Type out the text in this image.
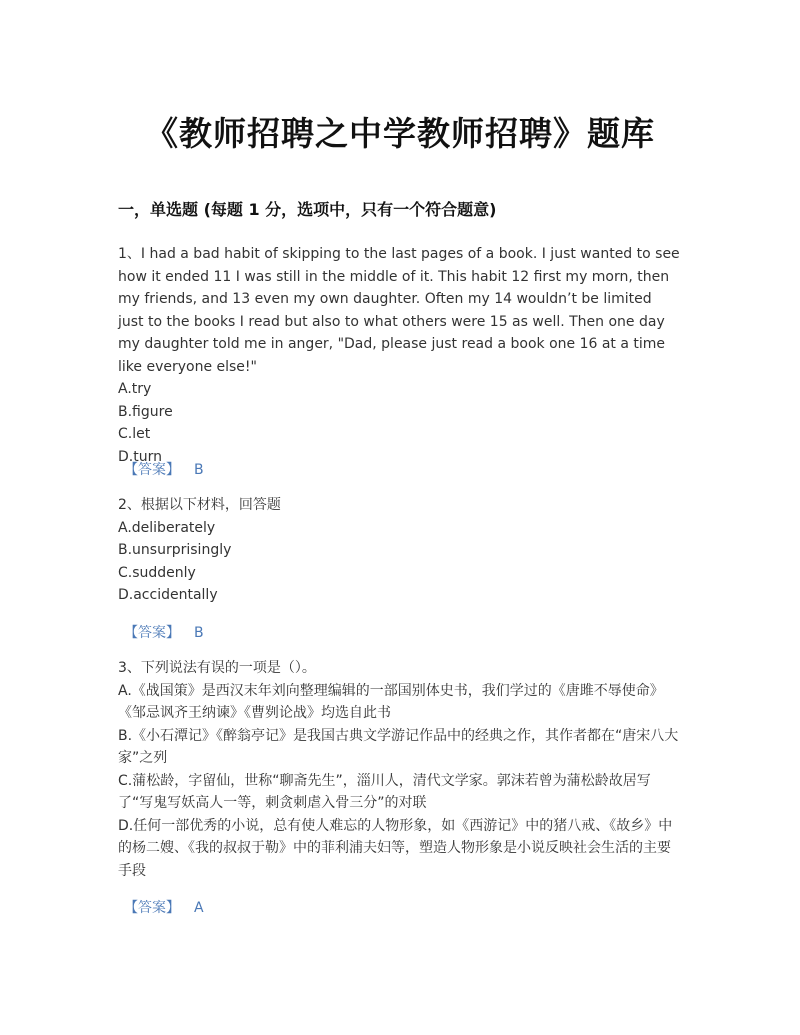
《教师招聘之中学教师招聘》题库
一，单选题 (每题 1 分，选项中，只有一个符合题意)

1、I had a bad habit of skipping to the last pages of a book. I just wanted to see how it ended 11 I was still in the middle of it. This habit 12 first my morn, then my friends, and 13 even my own daughter. Often my 14 wouldn’t be limited just to the books I read but also to what others were 15 as well. Then one day my daughter told me in anger, "Dad, please just read a book one 16 at a time like everyone else!"

A.try

B.figure

C.let

D.turn

【答案】 B

2、根据以下材料，回答题

A.deliberately

B.unsurprisingly

C.suddenly

D.accidentally

【答案】 B

3、下列说法有误的一项是（）。

A.《战国策》是西汉末年刘向整理编辑的一部国别体史书，我们学过的《唐雎不辱使命》《邹忌讽齐王纳谏》《曹刿论战》均选自此书

B.《小石潭记》《醉翁亭记》是我国古典文学游记作品中的经典之作，其作者都在“唐宋八大家”之列

C.蒲松龄，字留仙，世称“聊斋先生”，淄川人，清代文学家。郭沫若曾为蒲松龄故居写了“写鬼写妖高人一等，刺贪刺虐入骨三分”的对联

D.任何一部优秀的小说，总有使人难忘的人物形象，如《西游记》中的猪八戒、《故乡》中的杨二嫂、《我的叔叔于勒》中的菲利浦夫妇等，塑造人物形象是小说反映社会生活的主要手段

【答案】 A
